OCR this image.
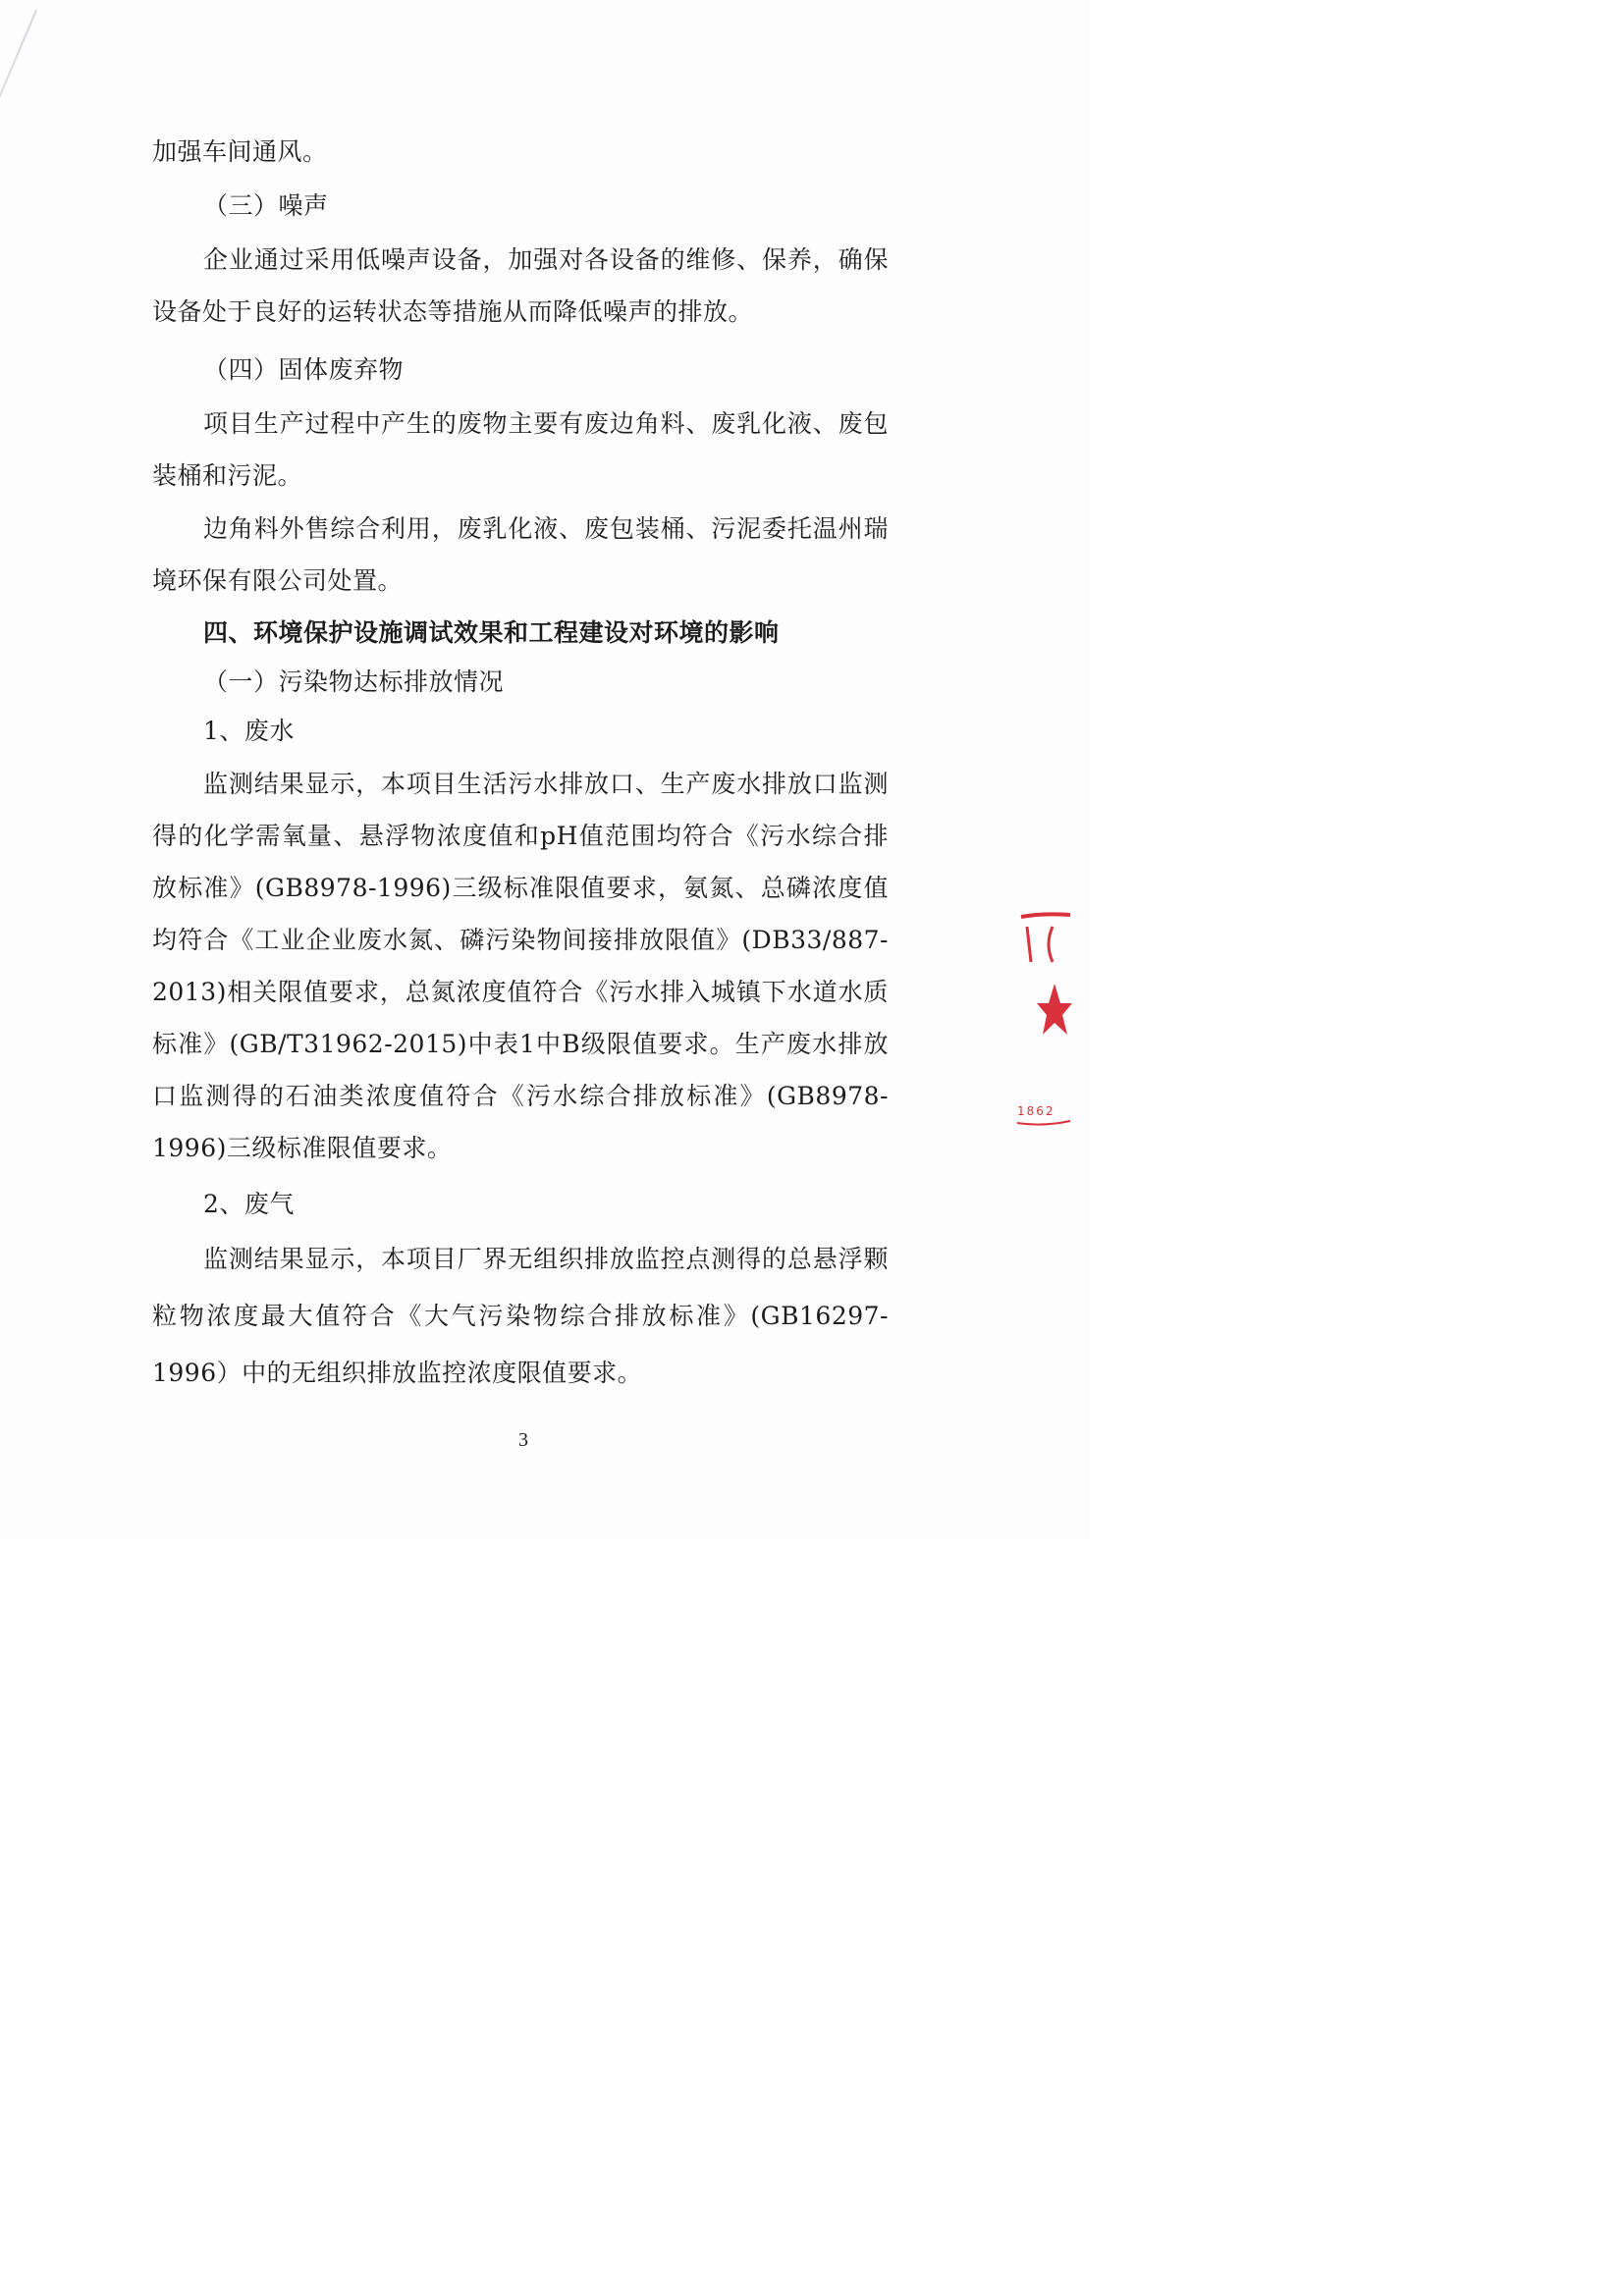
加强车间通风。

（三）噪声

企业通过采用低噪声设备，加强对各设备的维修、保养，确保设备处于良好的运转状态等措施从而降低噪声的排放。

（四）固体废弃物

项目生产过程中产生的废物主要有废边角料、废乳化液、废包装桶和污泥。

边角料外售综合利用，废乳化液、废包装桶、污泥委托温州瑞境环保有限公司处置。

四、环境保护设施调试效果和工程建设对环境的影响

（一）污染物达标排放情况

1、废水

监测结果显示，本项目生活污水排放口、生产废水排放口监测得的化学需氧量、悬浮物浓度值和pH值范围均符合《污水综合排放标准》(GB8978-1996)三级标准限值要求，氨氮、总磷浓度值均符合《工业企业废水氮、磷污染物间接排放限值》(DB33/887-2013)相关限值要求，总氮浓度值符合《污水排入城镇下水道水质标准》(GB/T31962-2015)中表1中B级限值要求。生产废水排放口监测得的石油类浓度值符合《污水综合排放标准》(GB8978-1996)三级标准限值要求。

2、废气

监测结果显示，本项目厂界无组织排放监控点测得的总悬浮颗粒物浓度最大值符合《大气污染物综合排放标准》(GB16297- 1996）中的无组织排放监控浓度限值要求。

3
1862
